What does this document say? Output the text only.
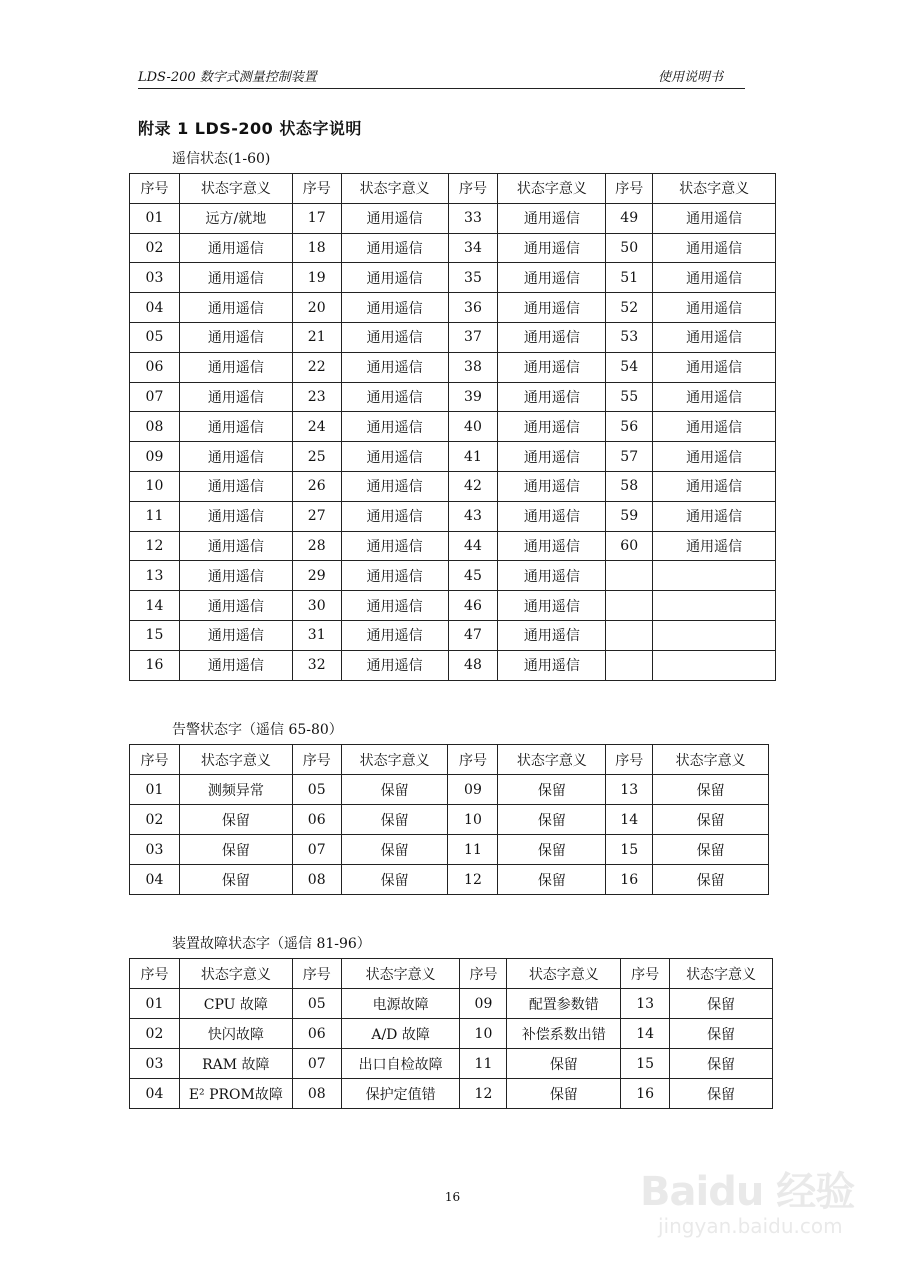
LDS-200 数字式测量控制装置	使用说明书
附录 1 LDS-200 状态字说明
遥信状态(1-60)
序号	状态字意义	序号	状态字意义	序号	状态字意义	序号	状态字意义
01	远方/就地	17	通用遥信	33	通用遥信	49	通用遥信
02	通用遥信	18	通用遥信	34	通用遥信	50	通用遥信
03	通用遥信	19	通用遥信	35	通用遥信	51	通用遥信
04	通用遥信	20	通用遥信	36	通用遥信	52	通用遥信
05	通用遥信	21	通用遥信	37	通用遥信	53	通用遥信
06	通用遥信	22	通用遥信	38	通用遥信	54	通用遥信
07	通用遥信	23	通用遥信	39	通用遥信	55	通用遥信
08	通用遥信	24	通用遥信	40	通用遥信	56	通用遥信
09	通用遥信	25	通用遥信	41	通用遥信	57	通用遥信
10	通用遥信	26	通用遥信	42	通用遥信	58	通用遥信
11	通用遥信	27	通用遥信	43	通用遥信	59	通用遥信
12	通用遥信	28	通用遥信	44	通用遥信	60	通用遥信
13	通用遥信	29	通用遥信	45	通用遥信		
14	通用遥信	30	通用遥信	46	通用遥信		
15	通用遥信	31	通用遥信	47	通用遥信		
16	通用遥信	32	通用遥信	48	通用遥信		
告警状态字（遥信 65-80）
序号	状态字意义	序号	状态字意义	序号	状态字意义	序号	状态字意义
01	测频异常	05	保留	09	保留	13	保留
02	保留	06	保留	10	保留	14	保留
03	保留	07	保留	11	保留	15	保留
04	保留	08	保留	12	保留	16	保留
装置故障状态字（遥信 81-96）
序号	状态字意义	序号	状态字意义	序号	状态字意义	序号	状态字意义
01	CPU 故障	05	电源故障	09	配置参数错	13	保留
02	快闪故障	06	A/D 故障	10	补偿系数出错	14	保留
03	RAM 故障	07	出口自检故障	11	保留	15	保留
04	E² PROM故障	08	保护定值错	12	保留	16	保留
16	Baidu 经验
jingyan.baidu.com
